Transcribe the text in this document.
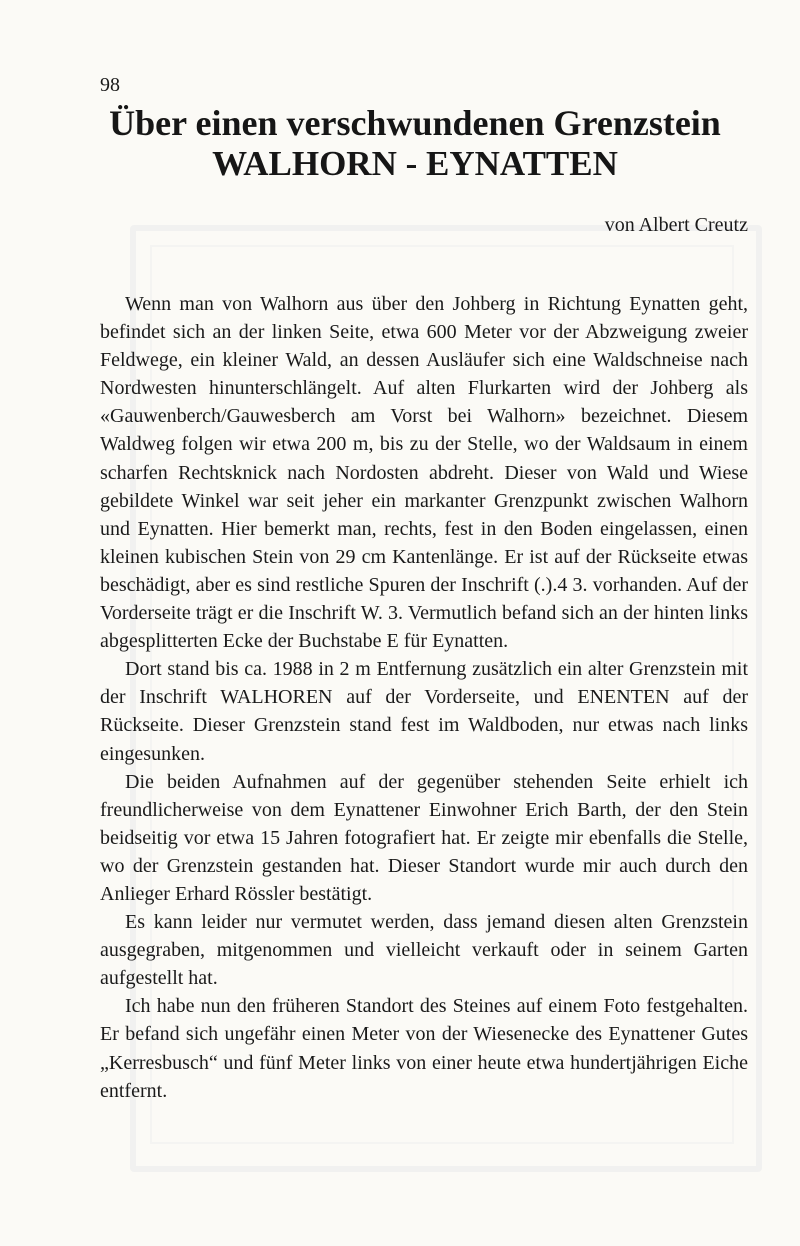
98
Über einen verschwundenen Grenzstein
WALHORN - EYNATTEN
von Albert Creutz

Wenn man von Walhorn aus über den Johberg in Richtung Eynatten geht, befindet sich an der linken Seite, etwa 600 Meter vor der Abzweigung zweier Feldwege, ein kleiner Wald, an dessen Ausläufer sich eine Waldschneise nach Nordwesten hinunterschlängelt. Auf alten Flurkarten wird der Johberg als «Gauwenberch/Gauwesberch am Vorst bei Walhorn» bezeichnet. Diesem Waldweg folgen wir etwa 200 m, bis zu der Stelle, wo der Waldsaum in einem scharfen Rechtsknick nach Nordosten abdreht. Dieser von Wald und Wiese gebildete Winkel war seit jeher ein markanter Grenzpunkt zwischen Walhorn und Eynatten. Hier bemerkt man, rechts, fest in den Boden eingelassen, einen kleinen kubischen Stein von 29 cm Kantenlänge. Er ist auf der Rückseite etwas beschädigt, aber es sind restliche Spuren der Inschrift (.).4 3. vorhanden. Auf der Vorderseite trägt er die Inschrift W. 3. Vermutlich befand sich an der hinten links abgesplitterten Ecke der Buchstabe E für Eynatten.

Dort stand bis ca. 1988 in 2 m Entfernung zusätzlich ein alter Grenzstein mit der Inschrift WALHOREN auf der Vorderseite, und ENENTEN auf der Rückseite. Dieser Grenzstein stand fest im Waldboden, nur etwas nach links eingesunken.

Die beiden Aufnahmen auf der gegenüber stehenden Seite erhielt ich freundlicherweise von dem Eynattener Einwohner Erich Barth, der den Stein beidseitig vor etwa 15 Jahren fotografiert hat. Er zeigte mir ebenfalls die Stelle, wo der Grenzstein gestanden hat. Dieser Standort wurde mir auch durch den Anlieger Erhard Rössler bestätigt.

Es kann leider nur vermutet werden, dass jemand diesen alten Grenzstein ausgegraben, mitgenommen und vielleicht verkauft oder in seinem Garten aufgestellt hat.

Ich habe nun den früheren Standort des Steines auf einem Foto festgehalten. Er befand sich ungefähr einen Meter von der Wiesenecke des Eynattener Gutes „Kerresbusch“ und fünf Meter links von einer heute etwa hundertjährigen Eiche entfernt.
